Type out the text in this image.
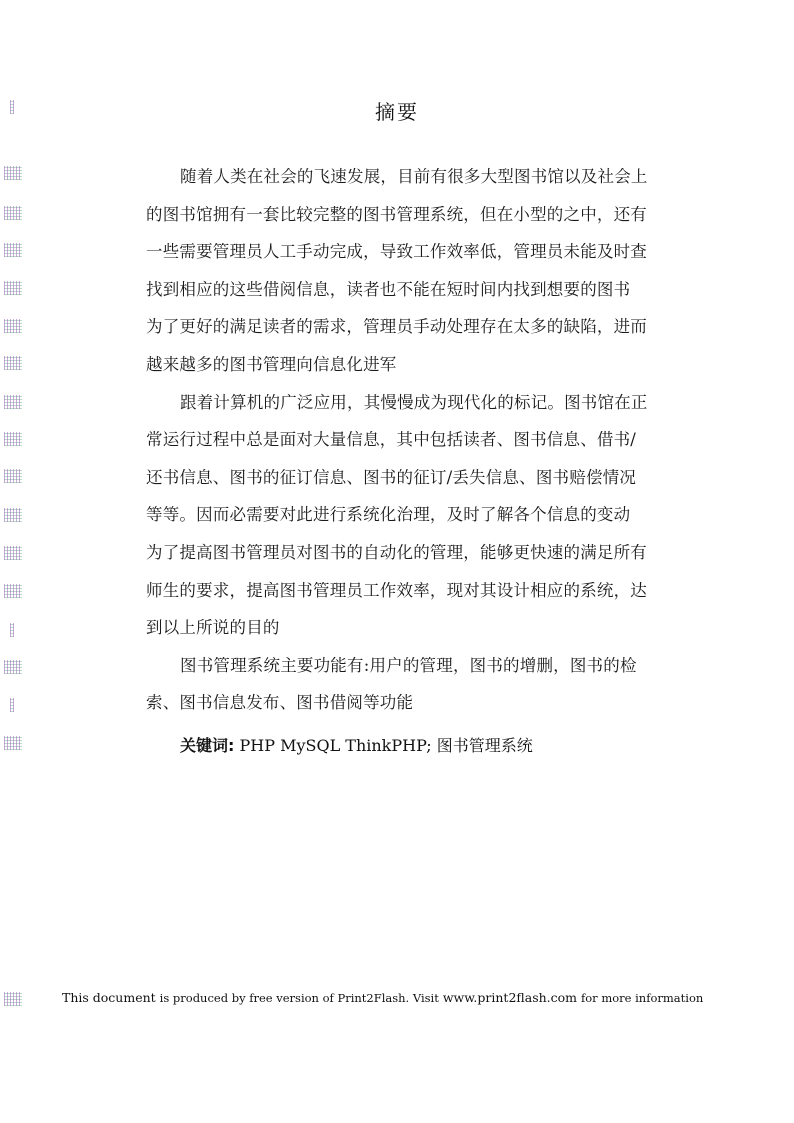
摘要
随着人类在社会的飞速发展，目前有很多大型图书馆以及社会上
的图书馆拥有一套比较完整的图书管理系统，但在小型的之中，还有
一些需要管理员人工手动完成，导致工作效率低，管理员未能及时查
找到相应的这些借阅信息，读者也不能在短时间内找到想要的图书
为了更好的满足读者的需求，管理员手动处理存在太多的缺陷，进而
越来越多的图书管理向信息化进军
跟着计算机的广泛应用，其慢慢成为现代化的标记。图书馆在正
常运行过程中总是面对大量信息，其中包括读者、图书信息、借书/
还书信息、图书的征订信息、图书的征订/丢失信息、图书赔偿情况
等等。因而必需要对此进行系统化治理，及时了解各个信息的变动
为了提高图书管理员对图书的自动化的管理，能够更快速的满足所有
师生的要求，提高图书管理员工作效率，现对其设计相应的系统，达
到以上所说的目的
图书管理系统主要功能有:用户的管理，图书的增删，图书的检
索、图书信息发布、图书借阅等功能
关键词: PHP MySQL ThinkPHP; 图书管理系统
This document is produced by free version of Print2Flash. Visit www.print2flash.com for more information
